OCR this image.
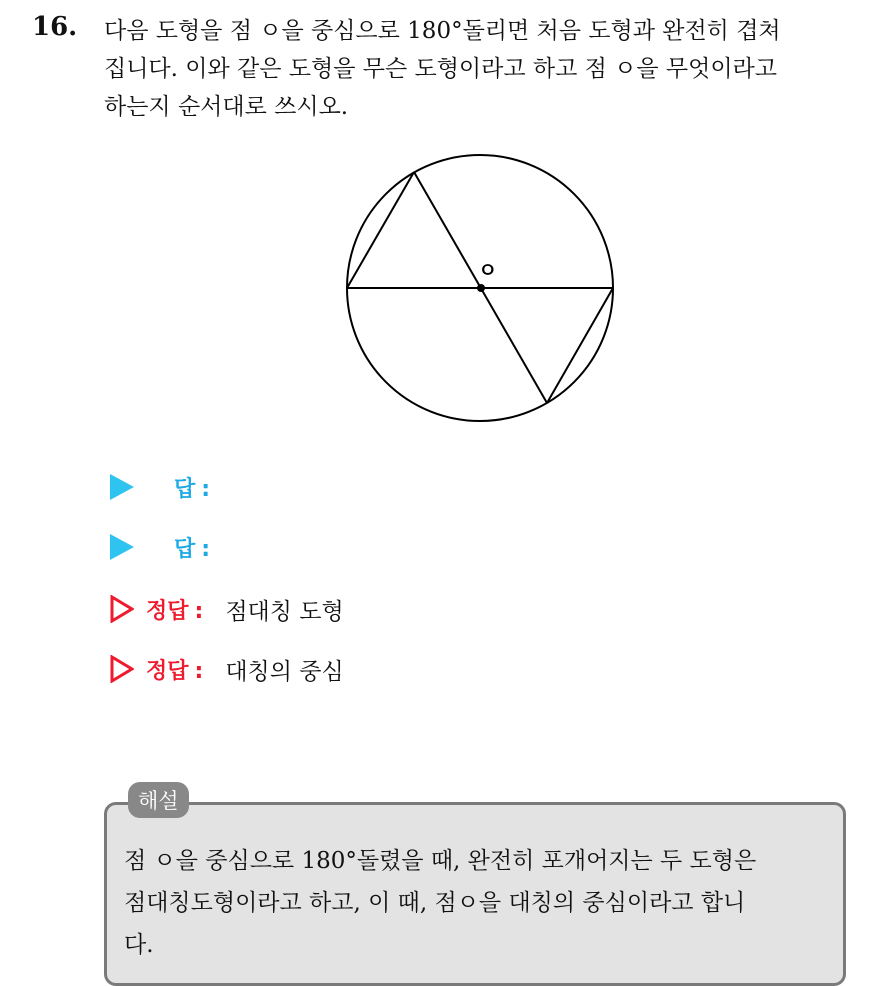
16. 다음 도형을 점 ㅇ을 중심으로 180°돌리면 처음 도형과 완전히 겹쳐
집니다. 이와 같은 도형을 무슨 도형이라고 하고 점 ㅇ을 무엇이라고
하는지 순서대로 쓰시오.
ㅇ
답 :
답 :
정답 : 점대칭 도형
정답 : 대칭의 중심
해설
점 ㅇ을 중심으로 180°돌렸을 때, 완전히 포개어지는 두 도형은
점대칭도형이라고 하고, 이 때, 점ㅇ을 대칭의 중심이라고 합니
다.
